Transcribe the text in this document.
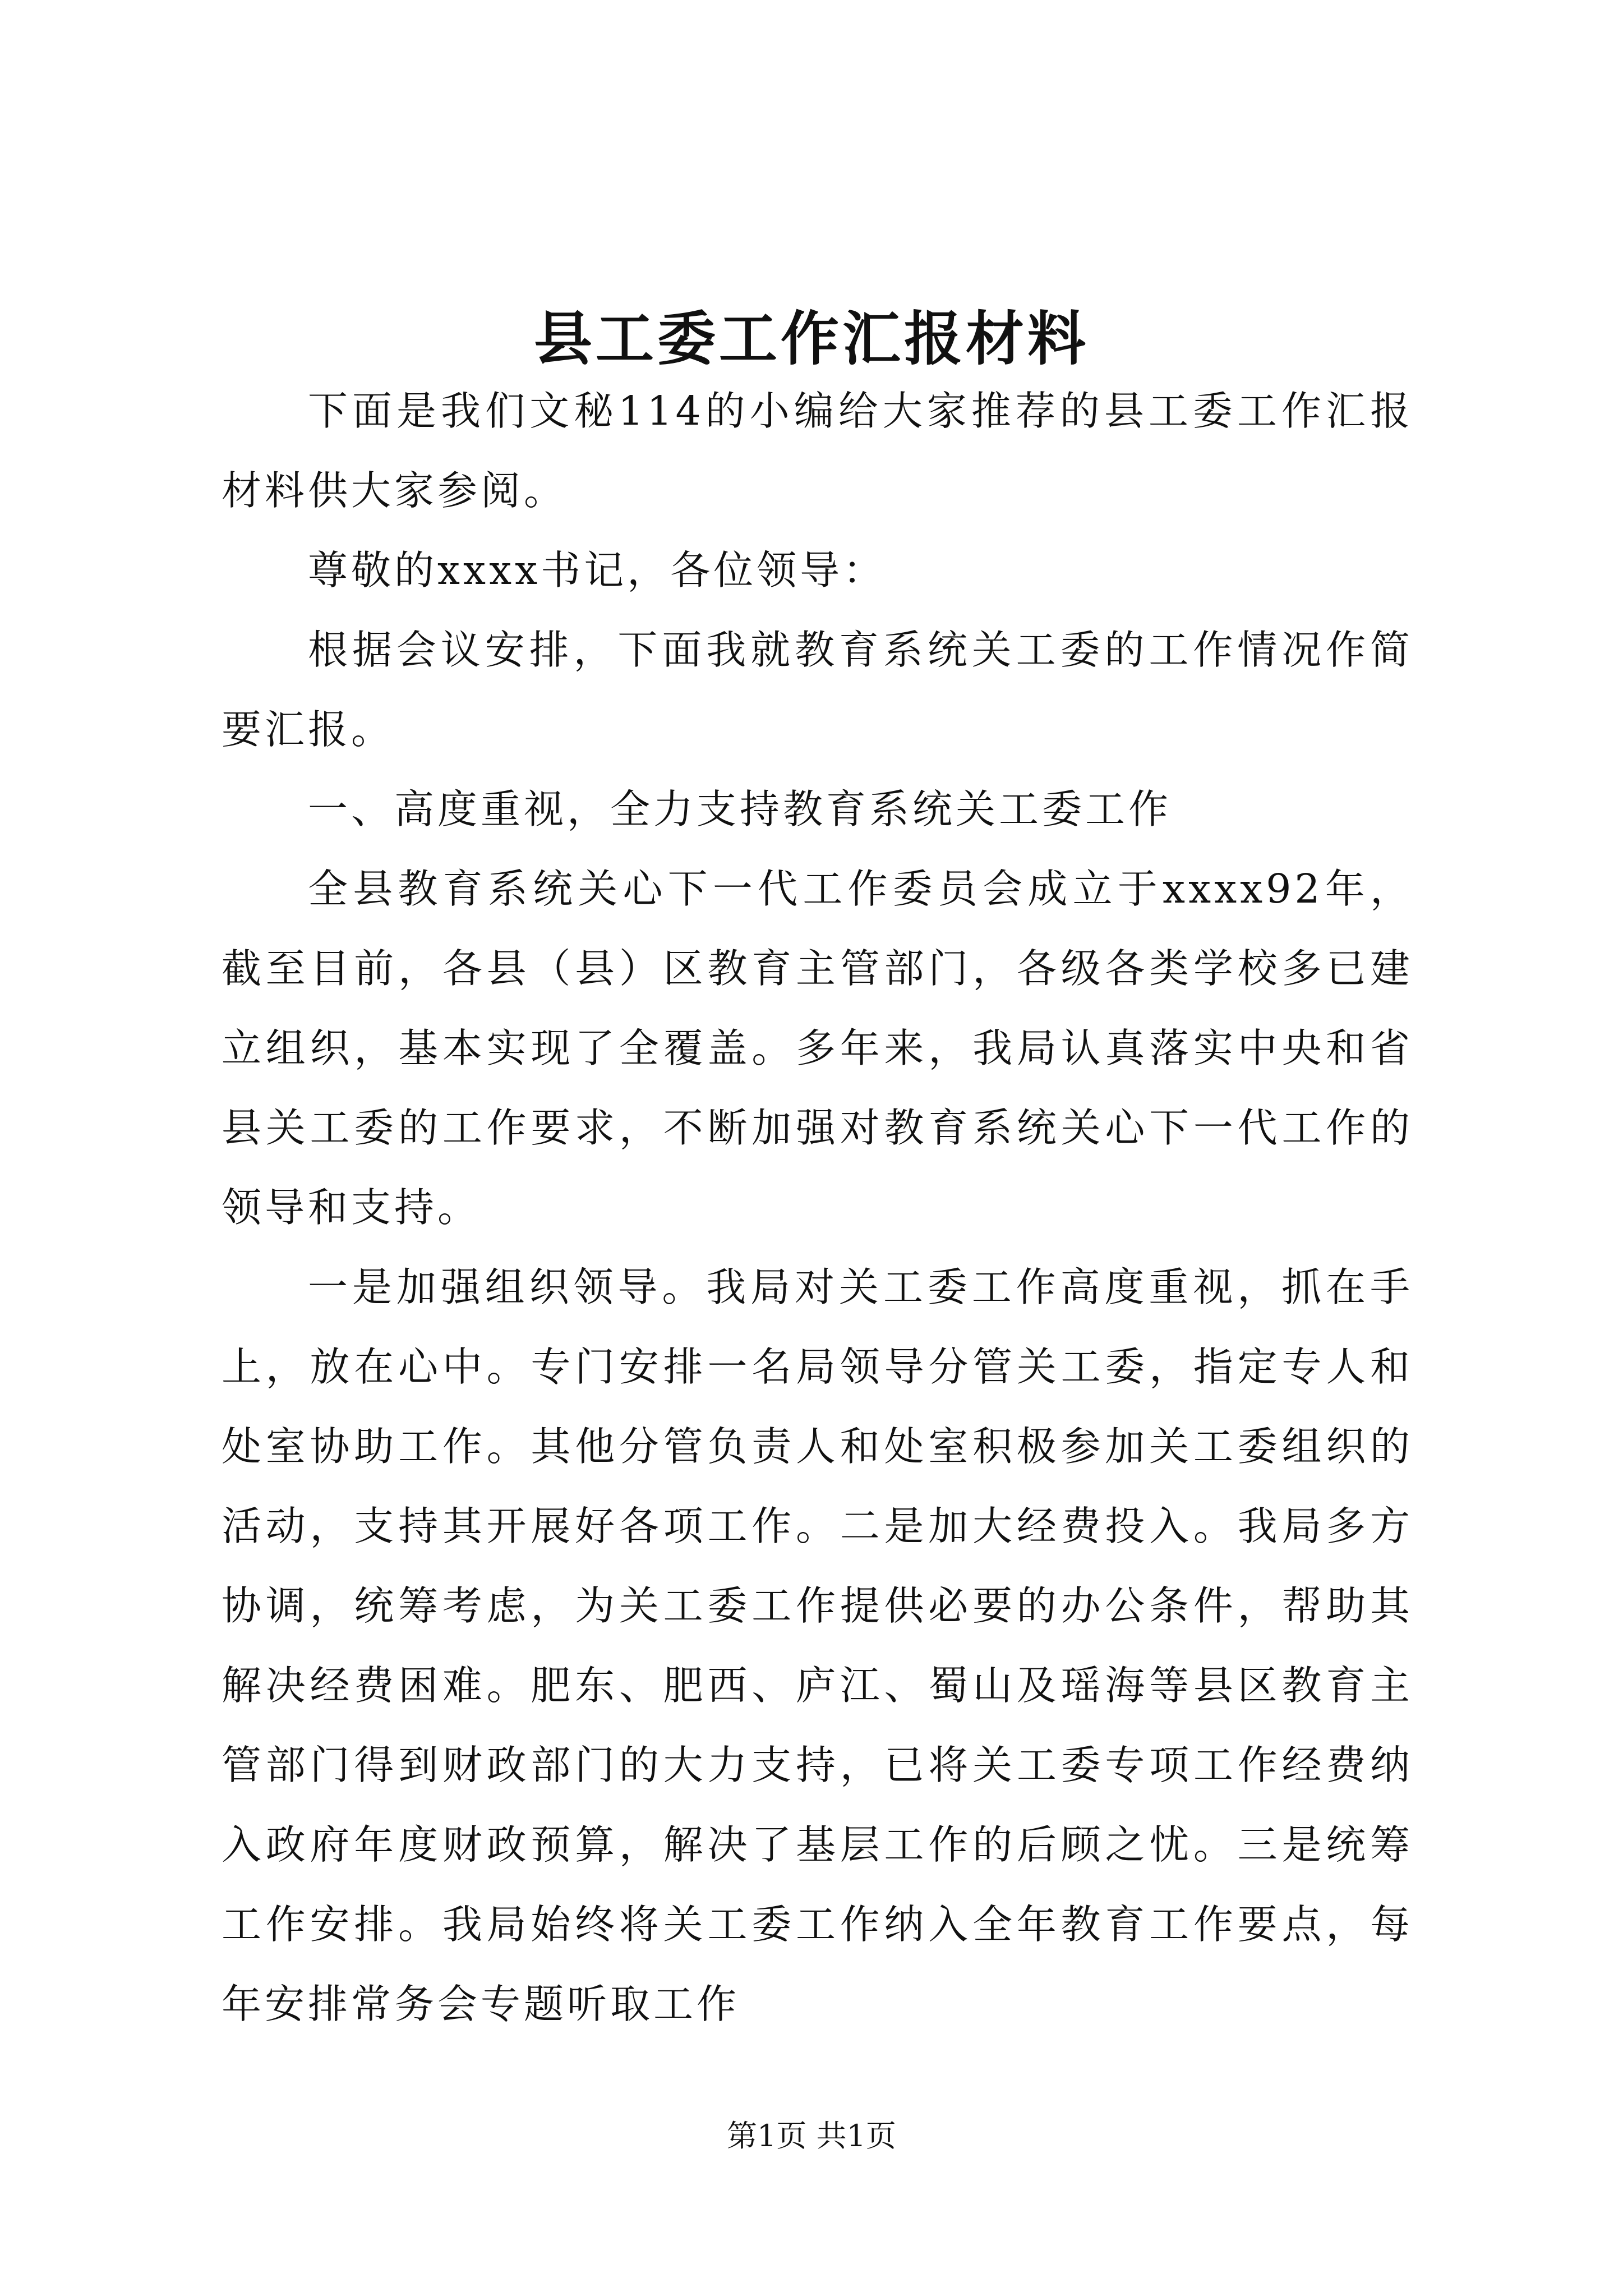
县工委工作汇报材料

下面是我们文秘114的小编给大家推荐的县工委工作汇报材料供大家参阅。

尊敬的xxxx书记，各位领导：

根据会议安排，下面我就教育系统关工委的工作情况作简要汇报。

一、高度重视，全力支持教育系统关工委工作

全县教育系统关心下一代工作委员会成立于xxxx92年，截至目前，各县（县）区教育主管部门，各级各类学校多已建立组织，基本实现了全覆盖。多年来，我局认真落实中央和省县关工委的工作要求，不断加强对教育系统关心下一代工作的领导和支持。

一是加强组织领导。我局对关工委工作高度重视，抓在手上，放在心中。专门安排一名局领导分管关工委，指定专人和处室协助工作。其他分管负责人和处室积极参加关工委组织的活动，支持其开展好各项工作。二是加大经费投入。我局多方协调，统筹考虑，为关工委工作提供必要的办公条件，帮助其解决经费困难。肥东、肥西、庐江、蜀山及瑶海等县区教育主管部门得到财政部门的大力支持，已将关工委专项工作经费纳入政府年度财政预算，解决了基层工作的后顾之忧。三是统筹工作安排。我局始终将关工委工作纳入全年教育工作要点，每年安排常务会专题听取工作

第1页 共1页
